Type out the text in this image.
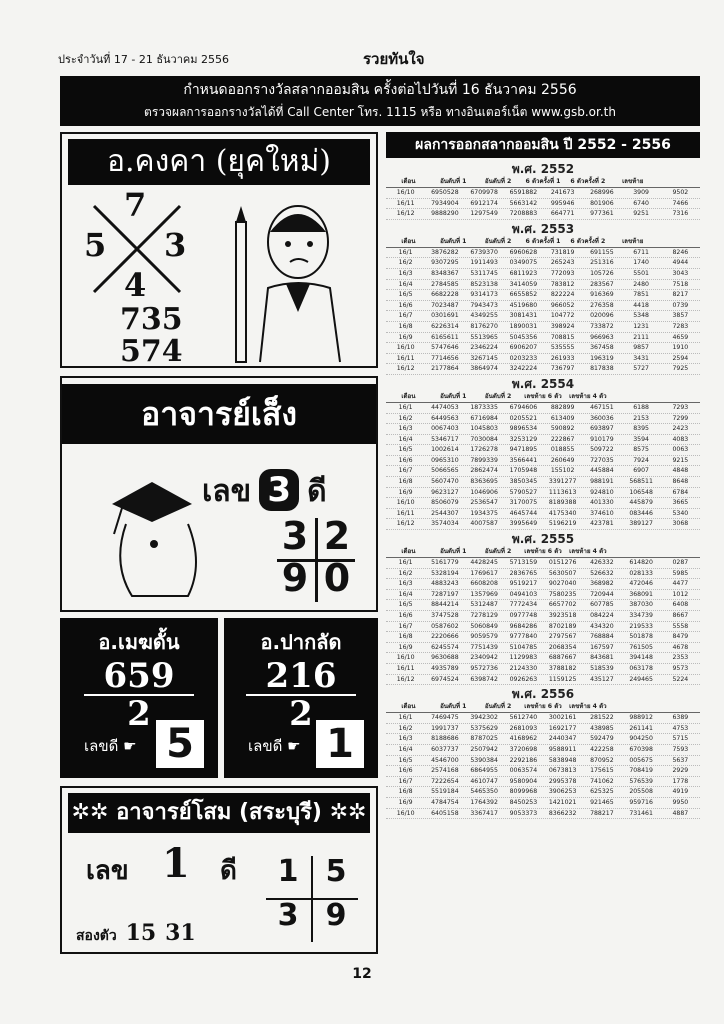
ประจำวันที่ 17 - 21 ธันวาคม 2556	รวยทันใจ
กำหนดออกรางวัลสลากออมสิน ครั้งต่อไปวันที่ 16 ธันวาคม 2556
ตรวจผลการออกรางวัลได้ที่ Call Center โทร. 1115 หรือ ทางอินเตอร์เน็ต www.gsb.or.th
อ.คงคา (ยุคใหม่)
7
5 3
4
735
574
อาจารย์เส็ง
เลข 3 ดี
3 2
9 0
อ.เมฆดั้น
659
2
เลขดี ☛ 5
อ.ปากลัด
216
2
เลขดี ☛ 1
✲✲ อาจารย์โสม (สระบุรี) ✲✲
เลข 1 ดี 1 5
3 9
สองตัว 15 31
ผลการออกสลากออมสิน ปี 2552 - 2556
พ.ศ. 2552
เดือน	อันดับที่ 1	อันดับที่ 2	6 ตัวครั้งที่ 1	6 ตัวครั้งที่ 2	เลขท้าย
16/10	6950528	6709978	6591882	241673	268996	3909	9502
16/11	7934904	6912174	5663142	995946	801906	6740	7466
16/12	9888290	1297549	7208883	664771	977361	9251	7316
พ.ศ. 2553
เดือน	อันดับที่ 1	อันดับที่ 2	6 ตัวครั้งที่ 1	6 ตัวครั้งที่ 2	เลขท้าย
16/1	3876282	6739370	6960628	731819	691155	6711	8246
16/2	9307295	1911493	0349075	265243	251316	1740	4944
16/3	8348367	5311745	6811923	772093	105726	5501	3043
16/4	2784585	8523138	3414059	783812	283567	2480	7518
16/5	6682228	9314173	6655852	822224	916369	7851	8217
16/6	7023487	7943473	4519680	966052	276358	4418	0739
16/7	0301691	4349255	3081431	104772	020096	5348	3857
16/8	6226314	8176270	1890031	398924	733872	1231	7283
16/9	6165611	5513965	5045356	708815	966963	2111	4659
16/10	5747646	2346224	6906207	535555	367458	9857	1910
16/11	7714656	3267145	0203233	261933	196319	3431	2594
16/12	2177864	3864974	3242224	736797	817838	5727	7925
พ.ศ. 2554
เดือน	อันดับที่ 1	อันดับที่ 2	เลขท้าย 6 ตัว	เลขท้าย 4 ตัว
16/1	4474053	1873335	6794606	882899	467151	6188	7293
16/2	6449563	6716984	0205521	613409	360036	2153	7299
16/3	0067403	1045803	9896534	590892	693897	8395	2423
16/4	5346717	7030084	3253129	222867	910179	3594	4083
16/5	1002614	1726278	9471895	018855	509722	8575	0063
16/6	0965310	7899339	3566441	260649	727035	7924	9215
16/7	5066565	2862474	1705948	155102	445884	6907	4848
16/8	5607470	8363695	3850345	3391277	988191	568511	8648
16/9	9623127	1046906	5790527	1113613	924810	106548	6784
16/10	8506079	2536547	3170075	8189388	401330	445879	3665
16/11	2544307	1934375	4645744	4175340	374610	083446	5340
16/12	3574034	4007587	3995649	5196219	423781	389127	3068
พ.ศ. 2555
เดือน	อันดับที่ 1	อันดับที่ 2	เลขท้าย 6 ตัว	เลขท้าย 4 ตัว
16/1	5161779	4428245	5713159	0151276	426332	614820	0287
16/2	5328194	1769617	2836765	5630507	526632	028133	5985
16/3	4883243	6608208	9519217	9027040	368982	472046	4477
16/4	7287197	1357969	0494103	7580235	720944	368091	1012
16/5	8844214	5312487	7772434	6657702	607785	387030	6408
16/6	3747528	7278129	0977748	3923518	084224	334739	8667
16/7	0587602	5060849	9684286	8702189	434320	219533	5558
16/8	2220666	9059579	9777840	2797567	768884	501878	8479
16/9	6245574	7751439	5104785	2068354	167597	761505	4678
16/10	9630688	2340942	1129983	6887667	843681	394148	2353
16/11	4935789	9572736	2124330	3788182	518539	063178	9573
16/12	6974524	6398742	0926263	1159125	435127	249465	5224
พ.ศ. 2556
เดือน	อันดับที่ 1	อันดับที่ 2	เลขท้าย 6 ตัว	เลขท้าย 4 ตัว
16/1	7469475	3942302	5612740	3002161	281522	988912	6389
16/2	1991737	5375629	2681093	1692177	438985	261141	4753
16/3	8188686	8787025	4168962	2440347	592479	904250	5715
16/4	6037737	2507942	3720698	9588911	422258	670398	7593
16/5	4546700	5390384	2292186	5838948	870952	005675	5637
16/6	2574168	6864955	0063574	0673813	175615	708419	2929
16/7	7222654	4610747	9580904	2995378	741062	576539	1778
16/8	5519184	5465350	8099968	3906253	625325	205508	4919
16/9	4784754	1764392	8450253	1421021	921465	959716	9950
16/10	6405158	3367417	9053373	8366232	788217	731461	4887
12
